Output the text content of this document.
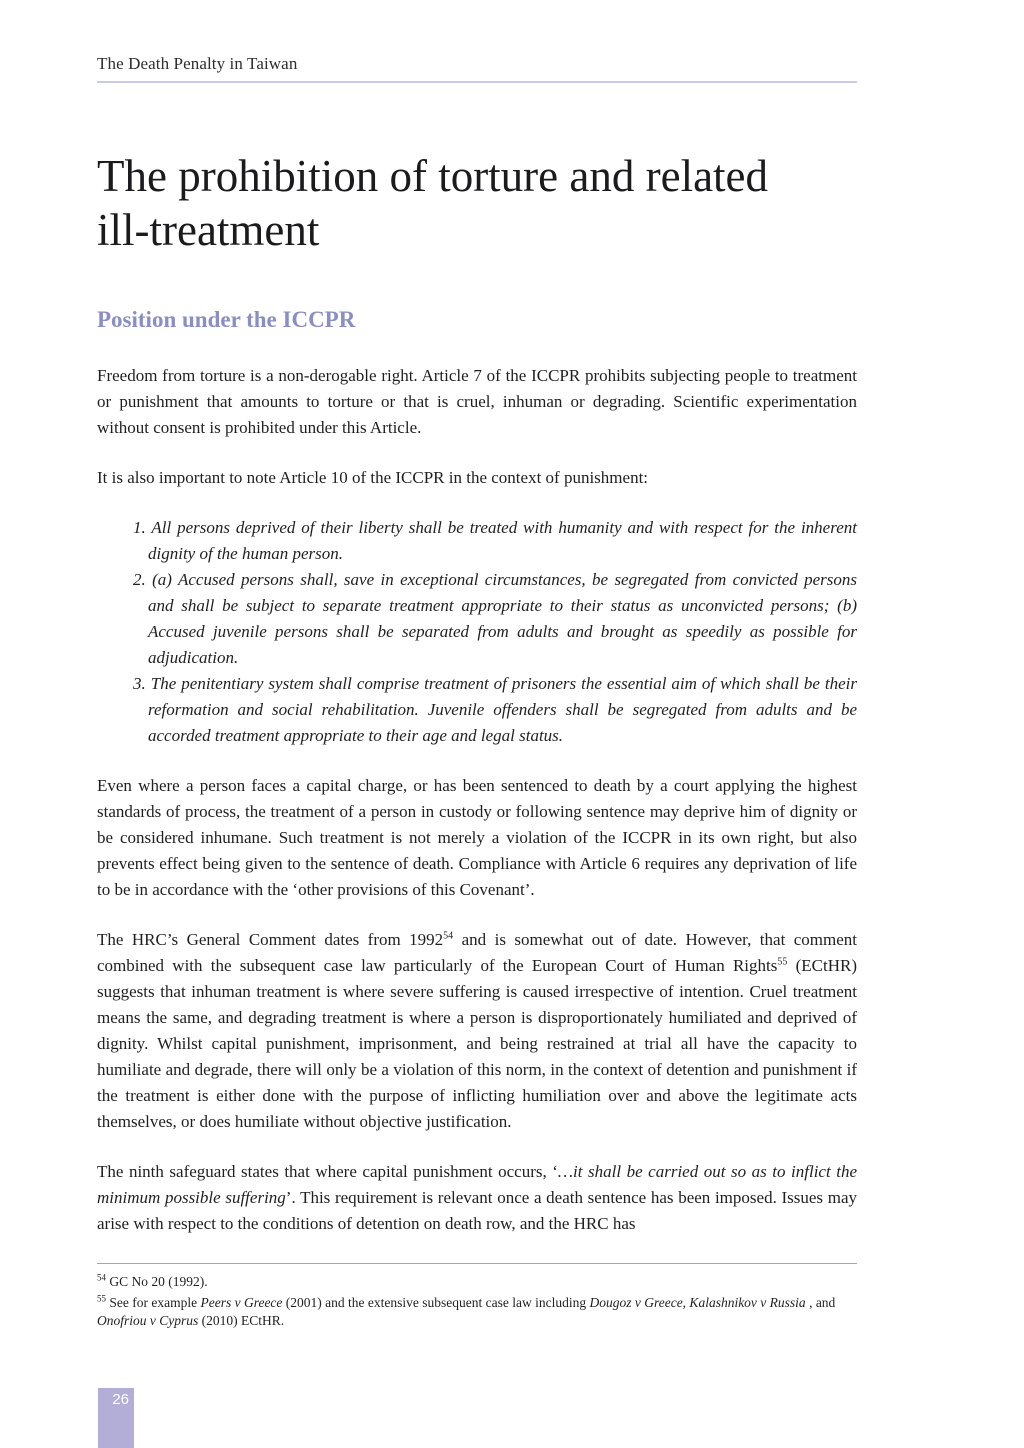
The Death Penalty in Taiwan
The prohibition of torture and related ill-treatment
Position under the ICCPR

Freedom from torture is a non-derogable right. Article 7 of the ICCPR prohibits subjecting people to treatment or punishment that amounts to torture or that is cruel, inhuman or degrading. Scientific experimentation without consent is prohibited under this Article.

It is also important to note Article 10 of the ICCPR in the context of punishment:

1. All persons deprived of their liberty shall be treated with humanity and with respect for the inherent dignity of the human person.
2. (a) Accused persons shall, save in exceptional circumstances, be segregated from convicted persons and shall be subject to separate treatment appropriate to their status as unconvicted persons; (b) Accused juvenile persons shall be separated from adults and brought as speedily as possible for adjudication.
3. The penitentiary system shall comprise treatment of prisoners the essential aim of which shall be their reformation and social rehabilitation. Juvenile offenders shall be segregated from adults and be accorded treatment appropriate to their age and legal status.

Even where a person faces a capital charge, or has been sentenced to death by a court applying the highest standards of process, the treatment of a person in custody or following sentence may deprive him of dignity or be considered inhumane. Such treatment is not merely a violation of the ICCPR in its own right, but also prevents effect being given to the sentence of death. Compliance with Article 6 requires any deprivation of life to be in accordance with the ‘other provisions of this Covenant’.

The HRC’s General Comment dates from 1992$^{54}$ and is somewhat out of date. However, that comment combined with the subsequent case law particularly of the European Court of Human Rights$^{55}$ (ECtHR) suggests that inhuman treatment is where severe suffering is caused irrespective of intention. Cruel treatment means the same, and degrading treatment is where a person is disproportionately humiliated and deprived of dignity. Whilst capital punishment, imprisonment, and being restrained at trial all have the capacity to humiliate and degrade, there will only be a violation of this norm, in the context of detention and punishment if the treatment is either done with the purpose of inflicting humiliation over and above the legitimate acts themselves, or does humiliate without objective justification.

The ninth safeguard states that where capital punishment occurs, ‘…it shall be carried out so as to inflict the minimum possible suffering’. This requirement is relevant once a death sentence has been imposed. Issues may arise with respect to the conditions of detention on death row, and the HRC has

$^{54}$ GC No 20 (1992).

$^{55}$ See for example Peers v Greece (2001) and the extensive subsequent case law including Dougoz v Greece, Kalashnikov v Russia , and Onofriou v Cyprus (2010) ECtHR.

26
